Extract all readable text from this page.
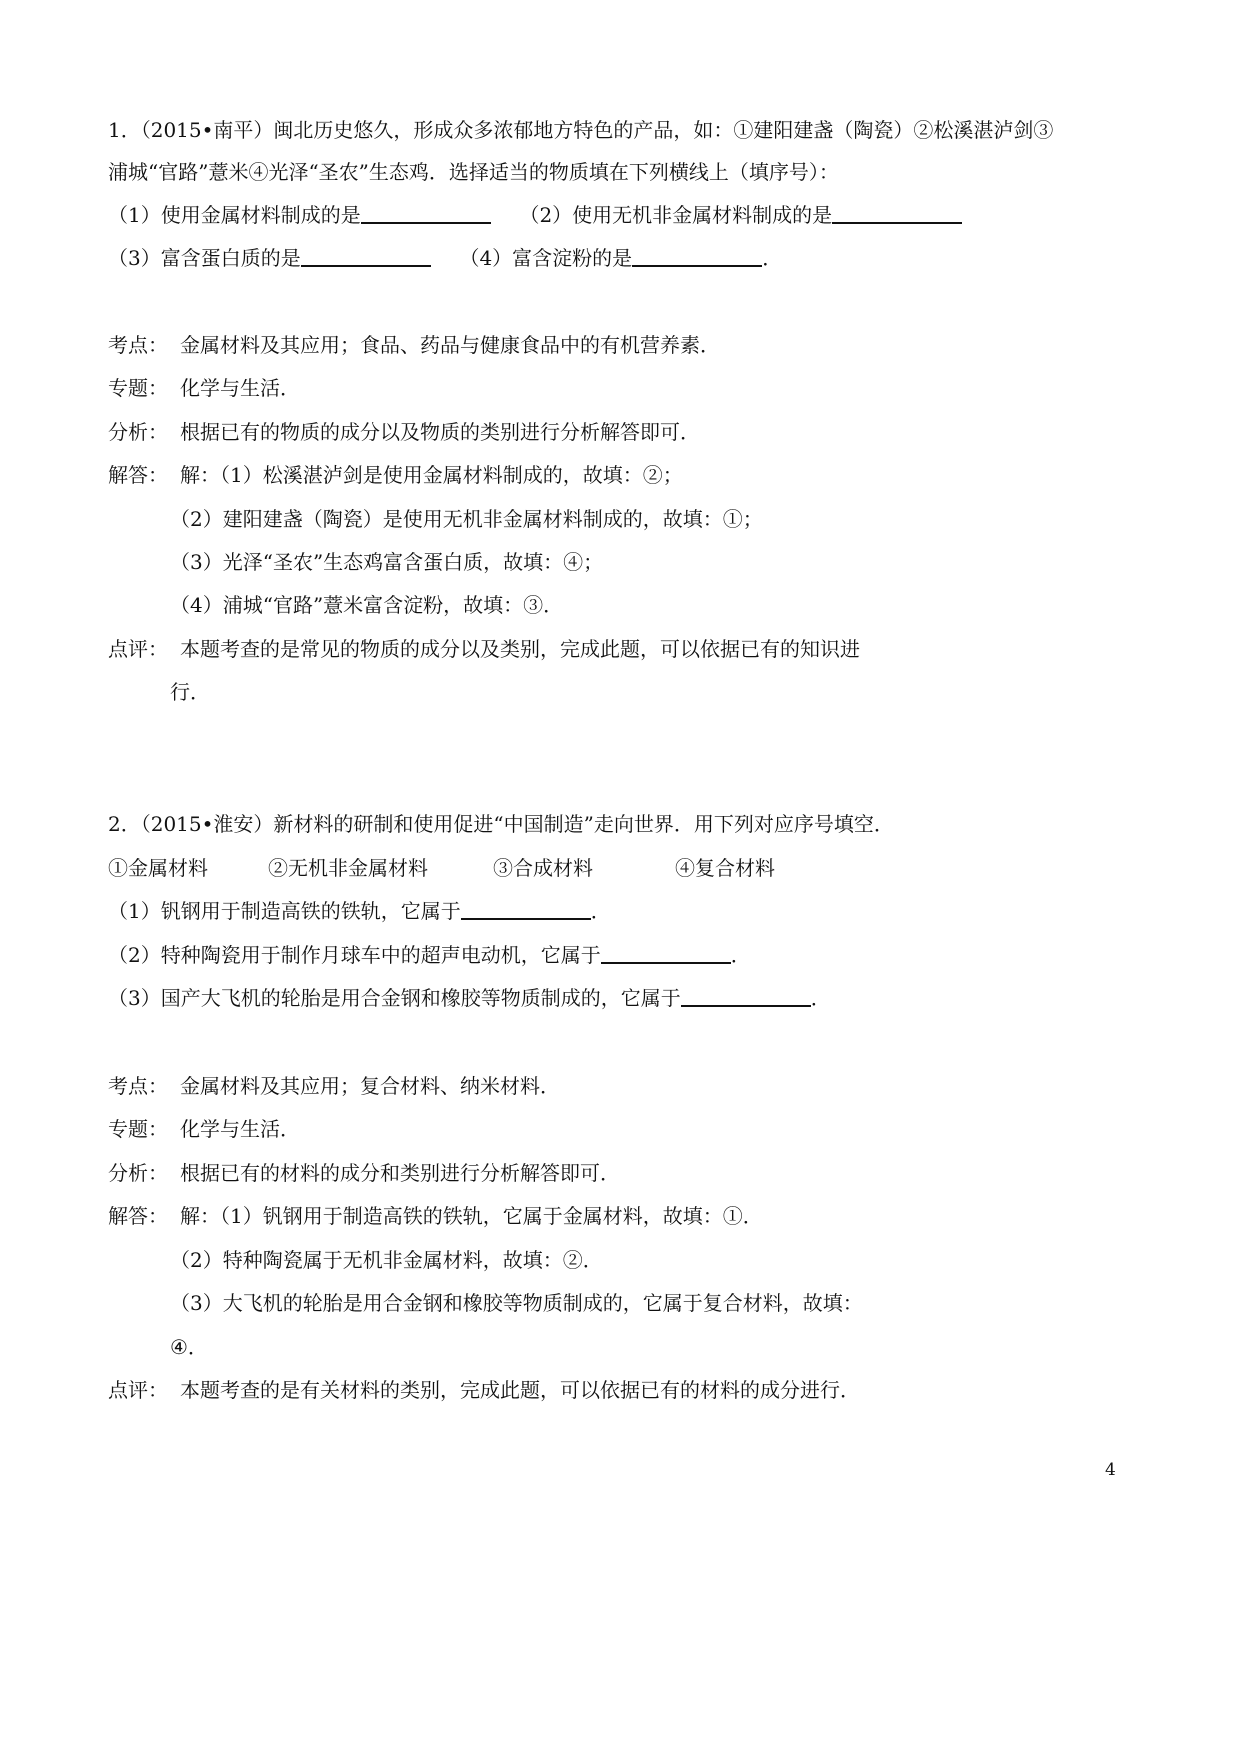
1．（2015•南平）闽北历史悠久，形成众多浓郁地方特色的产品，如：①建阳建盏（陶瓷）②松溪湛泸剑③
浦城“官路”薏米④光泽“圣农”生态鸡．选择适当的物质填在下列横线上（填序号）：
（1）使用金属材料制成的是	（2）使用无机非金属材料制成的是
（3）富含蛋白质的是	（4）富含淀粉的是	．
考点： 金属材料及其应用；食品、药品与健康食品中的有机营养素．
专题： 化学与生活．
分析： 根据已有的物质的成分以及物质的类别进行分析解答即可．
解答： 解：（1）松溪湛泸剑是使用金属材料制成的，故填：②；
（2）建阳建盏（陶瓷）是使用无机非金属材料制成的，故填：①；
（3）光泽“圣农”生态鸡富含蛋白质，故填：④；
（4）浦城“官路”薏米富含淀粉，故填：③．
点评： 本题考查的是常见的物质的成分以及类别，完成此题，可以依据已有的知识进
行．
2．（2015•淮安）新材料的研制和使用促进“中国制造”走向世界．用下列对应序号填空．
①金属材料	②无机非金属材料	③合成材料	④复合材料
（1）钒钢用于制造高铁的铁轨，它属于	．
（2）特种陶瓷用于制作月球车中的超声电动机，它属于	．
（3）国产大飞机的轮胎是用合金钢和橡胶等物质制成的，它属于	．
考点： 金属材料及其应用；复合材料、纳米材料．
专题： 化学与生活．
分析： 根据已有的材料的成分和类别进行分析解答即可．
解答： 解：（1）钒钢用于制造高铁的铁轨，它属于金属材料，故填：①．
（2）特种陶瓷属于无机非金属材料，故填：②．
（3）大飞机的轮胎是用合金钢和橡胶等物质制成的，它属于复合材料，故填：
④．
点评： 本题考查的是有关材料的类别，完成此题，可以依据已有的材料的成分进行．
4
